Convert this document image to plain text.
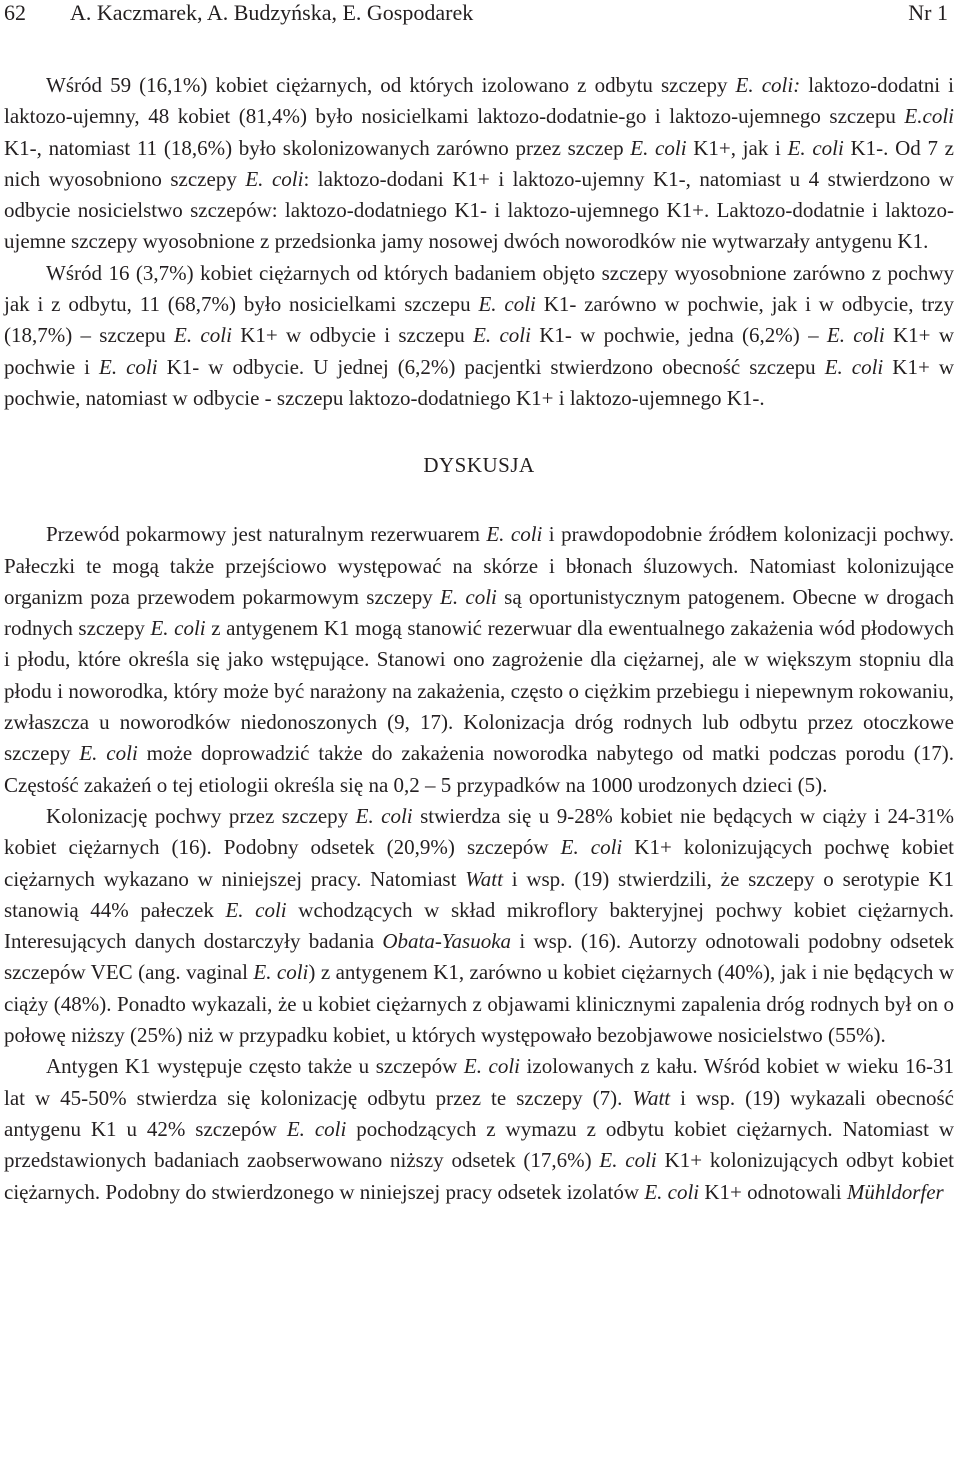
62 A. Kaczmarek, A. Budzyńska, E. Gospodarek	Nr 1

Wśród 59 (16,1%) kobiet ciężarnych, od których izolowano z odbytu szczepy E. coli: laktozo-dodatni i laktozo-ujemny, 48 kobiet (81,4%) było nosicielkami laktozo-dodatnie-go i laktozo-ujemnego szczepu E.coli K1-, natomiast 11 (18,6%) było skolonizowanych zarówno przez szczep E. coli K1+, jak i E. coli K1-. Od 7 z nich wyosobniono szczepy E. coli: laktozo-dodani K1+ i laktozo-ujemny K1-, natomiast u 4 stwierdzono w odbycie nosicielstwo szczepów: laktozo-dodatniego K1- i laktozo-ujemnego K1+. Laktozo-dodatnie i laktozo-ujemne szczepy wyosobnione z przedsionka jamy nosowej dwóch noworodków nie wytwarzały antygenu K1.

Wśród 16 (3,7%) kobiet ciężarnych od których badaniem objęto szczepy wyosobnione zarówno z pochwy jak i z odbytu, 11 (68,7%) było nosicielkami szczepu E. coli K1- zarówno w pochwie, jak i w odbycie, trzy (18,7%) – szczepu E. coli K1+ w odbycie i szczepu E. coli K1- w pochwie, jedna (6,2%) – E. coli K1+ w pochwie i E. coli K1- w odbycie. U jednej (6,2%) pacjentki stwierdzono obecność szczepu E. coli K1+ w pochwie, natomiast w odbycie - szczepu laktozo-dodatniego K1+ i laktozo-ujemnego K1-.

DYSKUSJA

Przewód pokarmowy jest naturalnym rezerwuarem E. coli i prawdopodobnie źródłem kolonizacji pochwy. Pałeczki te mogą także przejściowo występować na skórze i błonach śluzowych. Natomiast kolonizujące organizm poza przewodem pokarmowym szczepy E. coli są oportunistycznym patogenem. Obecne w drogach rodnych szczepy E. coli z antygenem K1 mogą stanowić rezerwuar dla ewentualnego zakażenia wód płodowych i płodu, które określa się jako wstępujące. Stanowi ono zagrożenie dla ciężarnej, ale w większym stopniu dla płodu i noworodka, który może być narażony na zakażenia, często o ciężkim przebiegu i niepewnym rokowaniu, zwłaszcza u noworodków niedonoszonych (9, 17). Kolonizacja dróg rodnych lub odbytu przez otoczkowe szczepy E. coli może doprowadzić także do zakażenia noworodka nabytego od matki podczas porodu (17). Częstość zakażeń o tej etiologii określa się na 0,2 – 5 przypadków na 1000 urodzonych dzieci (5).

Kolonizację pochwy przez szczepy E. coli stwierdza się u 9-28% kobiet nie będących w ciąży i 24-31% kobiet ciężarnych (16). Podobny odsetek (20,9%) szczepów E. coli K1+ kolonizujących pochwę kobiet ciężarnych wykazano w niniejszej pracy. Natomiast Watt i wsp. (19) stwierdzili, że szczepy o serotypie K1 stanowią 44% pałeczek E. coli wchodzących w skład mikroflory bakteryjnej pochwy kobiet ciężarnych. Interesujących danych dostarczyły badania Obata-Yasuoka i wsp. (16). Autorzy odnotowali podobny odsetek szczepów VEC (ang. vaginal E. coli) z antygenem K1, zarówno u kobiet ciężarnych (40%), jak i nie będących w ciąży (48%). Ponadto wykazali, że u kobiet ciężarnych z objawami klinicznymi zapalenia dróg rodnych był on o połowę niższy (25%) niż w przypadku kobiet, u których występowało bezobjawowe nosicielstwo (55%).

Antygen K1 występuje często także u szczepów E. coli izolowanych z kału. Wśród kobiet w wieku 16-31 lat w 45-50% stwierdza się kolonizację odbytu przez te szczepy (7). Watt i wsp. (19) wykazali obecność antygenu K1 u 42% szczepów E. coli pochodzących z wymazu z odbytu kobiet ciężarnych. Natomiast w przedstawionych badaniach zaobserwowano niższy odsetek (17,6%) E. coli K1+ kolonizujących odbyt kobiet ciężarnych. Podobny do stwierdzonego w niniejszej pracy odsetek izolatów E. coli K1+ odnotowali Mühldorfer
